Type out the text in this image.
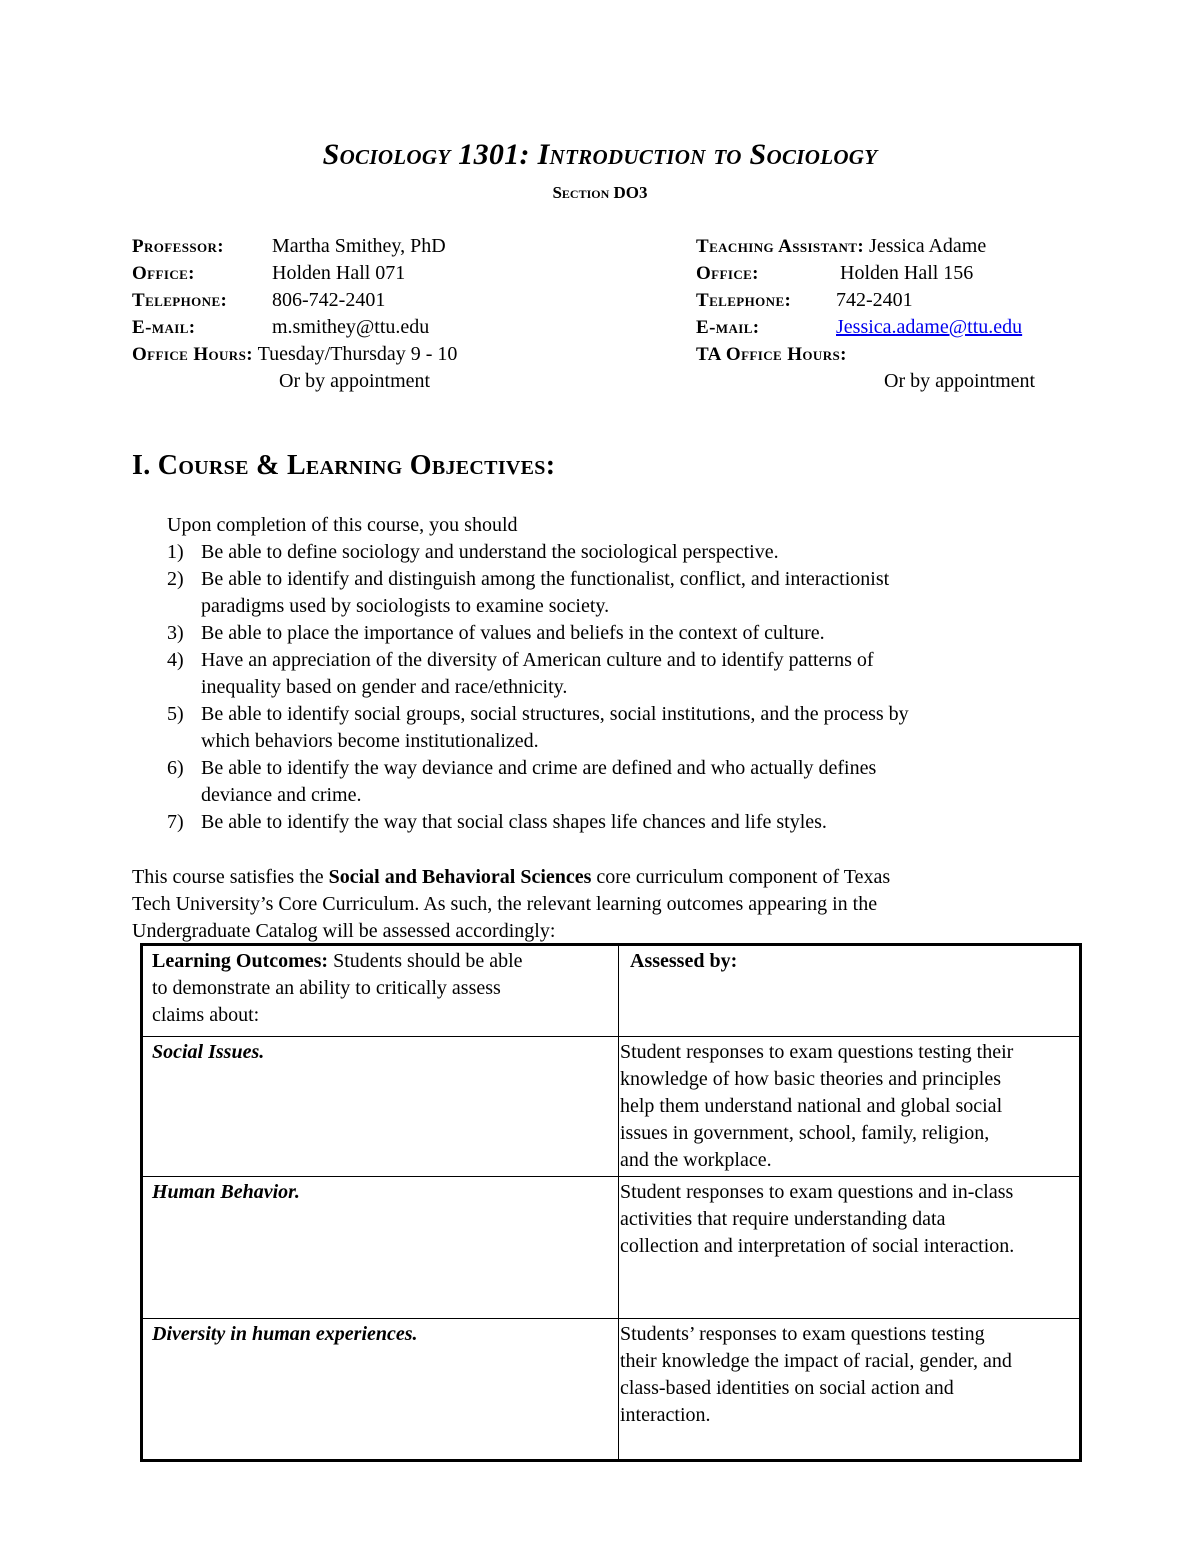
Sociology 1301: Introduction to Sociology
Section DO3
Professor: Martha Smithey, PhD
Office:	Holden Hall 071
Telephone: 806-742-2401
E-mail:	m.smithey@ttu.edu
Office Hours: Tuesday/Thursday 9 - 10
Or by appointment
Teaching Assistant: Jessica Adame
Office:	Holden Hall 156
Telephone: 742-2401
E-mail:	Jessica.adame@ttu.edu
TA Office Hours:
Or by appointment
I. Course & Learning Objectives:
Upon completion of this course, you should
1) Be able to define sociology and understand the sociological perspective.
2) Be able to identify and distinguish among the functionalist, conflict, and interactionist
paradigms used by sociologists to examine society.
3) Be able to place the importance of values and beliefs in the context of culture.
4) Have an appreciation of the diversity of American culture and to identify patterns of
inequality based on gender and race/ethnicity.
5) Be able to identify social groups, social structures, social institutions, and the process by
which behaviors become institutionalized.
6) Be able to identify the way deviance and crime are defined and who actually defines
deviance and crime.
7) Be able to identify the way that social class shapes life chances and life styles.
This course satisfies the Social and Behavioral Sciences core curriculum component of Texas
Tech University’s Core Curriculum. As such, the relevant learning outcomes appearing in the
Undergraduate Catalog will be assessed accordingly:
Learning Outcomes: Students should be able
to demonstrate an ability to critically assess
claims about:	Assessed by:
Social Issues.	Student responses to exam questions testing their
knowledge of how basic theories and principles
help them understand national and global social
issues in government, school, family, religion,
and the workplace.

Human Behavior.	Student responses to exam questions and in-class
activities that require understanding data
collection and interpretation of social interaction.

Diversity in human experiences.	Students’ responses to exam questions testing
their knowledge the impact of racial, gender, and
class-based identities on social action and
interaction.
